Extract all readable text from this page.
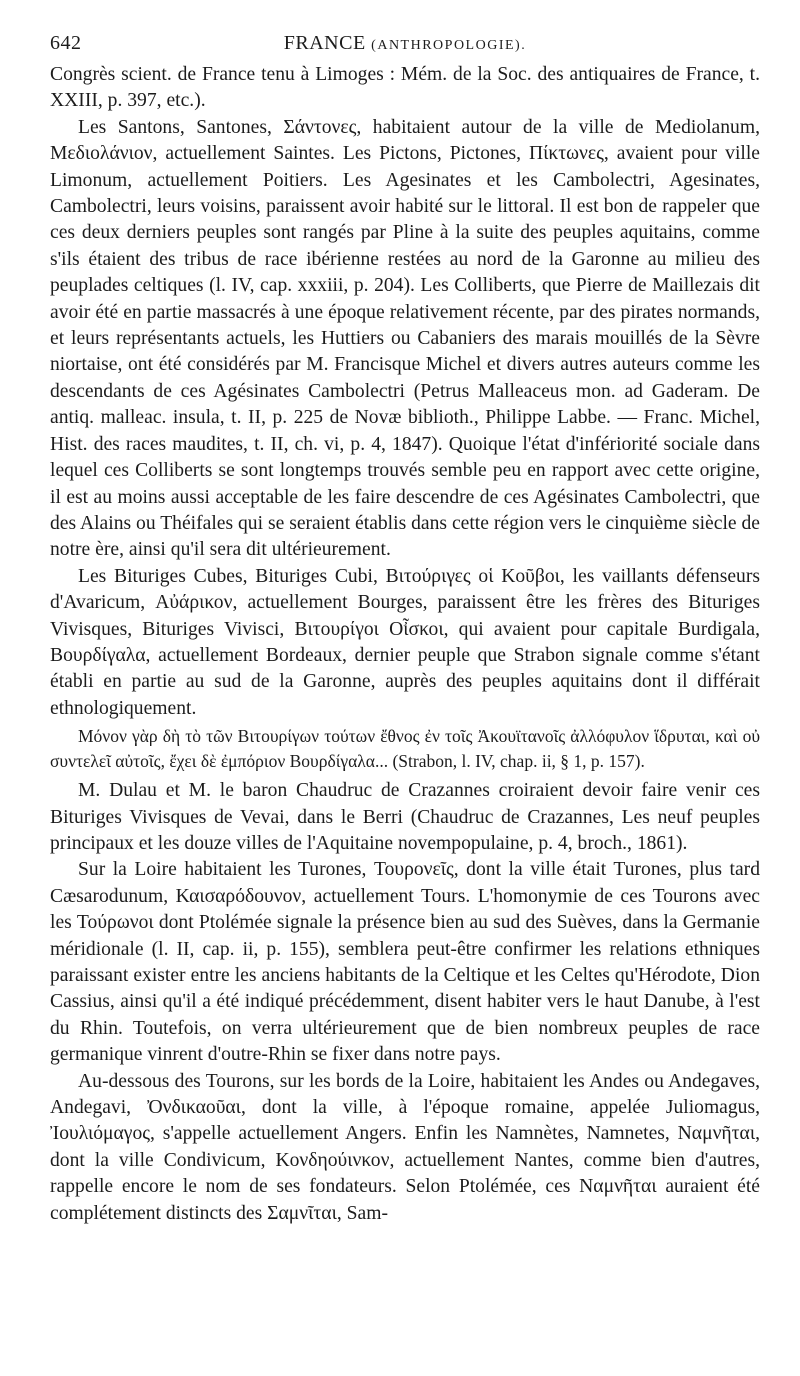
642	FRANCE (ANTHROPOLOGIE).

Congrès scient. de France tenu à Limoges : Mém. de la Soc. des antiquaires de France, t. XXIII, p. 397, etc.).

Les Santons, Santones, Σάντονες, habitaient autour de la ville de Mediolanum, Μεδιολάνιον, actuellement Saintes. Les Pictons, Pictones, Πίκτωνες, avaient pour ville Limonum, actuellement Poitiers. Les Agesinates et les Cambolectri, Agesinates, Cambolectri, leurs voisins, paraissent avoir habité sur le littoral. Il est bon de rappeler que ces deux derniers peuples sont rangés par Pline à la suite des peuples aquitains, comme s'ils étaient des tribus de race ibérienne restées au nord de la Garonne au milieu des peuplades celtiques (l. IV, cap. xxxiii, p. 204). Les Colliberts, que Pierre de Maillezais dit avoir été en partie massacrés à une époque relativement récente, par des pirates normands, et leurs représentants actuels, les Huttiers ou Cabaniers des marais mouillés de la Sèvre niortaise, ont été considérés par M. Francisque Michel et divers autres auteurs comme les descendants de ces Agésinates Cambolectri (Petrus Malleaceus mon. ad Gaderam. De antiq. malleac. insula, t. II, p. 225 de Novæ biblioth., Philippe Labbe. — Franc. Michel, Hist. des races maudites, t. II, ch. vi, p. 4, 1847). Quoique l'état d'infériorité sociale dans lequel ces Colliberts se sont longtemps trouvés semble peu en rapport avec cette origine, il est au moins aussi acceptable de les faire descendre de ces Agésinates Cambolectri, que des Alains ou Théifales qui se seraient établis dans cette région vers le cinquième siècle de notre ère, ainsi qu'il sera dit ultérieurement.

Les Bituriges Cubes, Bituriges Cubi, Βιτούριγες οἱ Κοῦβοι, les vaillants défenseurs d'Avaricum, Αὐάρικον, actuellement Bourges, paraissent être les frères des Bituriges Vivisques, Bituriges Vivisci, Βιτουρίγοι Οἶσκοι, qui avaient pour capitale Burdigala, Βουρδίγαλα, actuellement Bordeaux, dernier peuple que Strabon signale comme s'étant établi en partie au sud de la Garonne, auprès des peuples aquitains dont il différait ethnologiquement.

Μόνον γὰρ δὴ τὸ τῶν Βιτουρίγων τούτων ἔθνος ἐν τοῖς Ἀκουϊτανοῖς ἀλλόφυλον ἵδρυται, καὶ οὐ συντελεῖ αὐτοῖς, ἔχει δὲ ἐμπόριον Βουρδίγαλα... (Strabon, l. IV, chap. ii, § 1, p. 157).

M. Dulau et M. le baron Chaudruc de Crazannes croiraient devoir faire venir ces Bituriges Vivisques de Vevai, dans le Berri (Chaudruc de Crazannes, Les neuf peuples principaux et les douze villes de l'Aquitaine novempopulaine, p. 4, broch., 1861).

Sur la Loire habitaient les Turones, Τουρονεῖς, dont la ville était Turones, plus tard Cæsarodunum, Καισαρόδουνον, actuellement Tours. L'homonymie de ces Tourons avec les Τούρωνοι dont Ptolémée signale la présence bien au sud des Suèves, dans la Germanie méridionale (l. II, cap. ii, p. 155), semblera peut-être confirmer les relations ethniques paraissant exister entre les anciens habitants de la Celtique et les Celtes qu'Hérodote, Dion Cassius, ainsi qu'il a été indiqué précédemment, disent habiter vers le haut Danube, à l'est du Rhin. Toutefois, on verra ultérieurement que de bien nombreux peuples de race germanique vinrent d'outre-Rhin se fixer dans notre pays.

Au-dessous des Tourons, sur les bords de la Loire, habitaient les Andes ou Andegaves, Andegavi, Ὀνδικαοῦαι, dont la ville, à l'époque romaine, appelée Juliomagus, Ἰουλιόμαγος, s'appelle actuellement Angers. Enfin les Namnètes, Namnetes, Ναμνῆται, dont la ville Condivicum, Κονδηούινκον, actuellement Nantes, comme bien d'autres, rappelle encore le nom de ses fondateurs. Selon Ptolémée, ces Ναμνῆται auraient été complétement distincts des Σαμνῖται, Sam-
